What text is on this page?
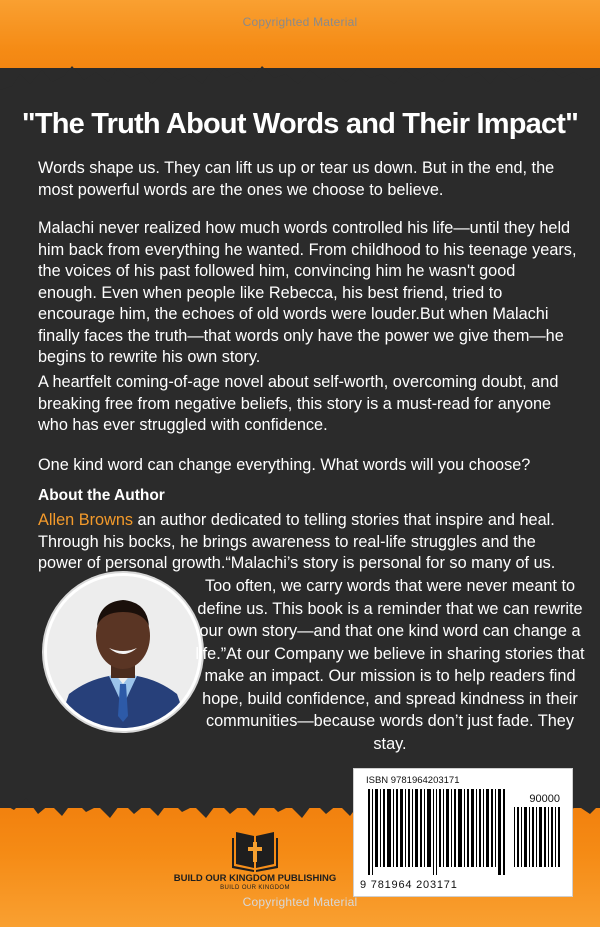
Copyrighted Material
"The Truth About Words and Their Impact"
Words shape us. They can lift us up or tear us down. But in the end, the most powerful words are the ones we choose to believe.
Malachi never realized how much words controlled his life—until they held him back from everything he wanted. From childhood to his teenage years, the voices of his past followed him, convincing him he wasn't good enough. Even when people like Rebecca, his best friend, tried to encourage him, the echoes of old words were louder.But when Malachi finally faces the truth—that words only have the power we give them—he begins to rewrite his own story.
A heartfelt coming-of-age novel about self-worth, overcoming doubt, and breaking free from negative beliefs, this story is a must-read for anyone who has ever struggled with confidence.
One kind word can change everything. What words will you choose?
About the Author
Allen Browns an author dedicated to telling stories that inspire and heal. Through his bocks, he brings awareness to real-life struggles and the power of personal growth.“Malachi’s story is personal for so many of us.
Too often, we carry words that were never meant to define us. This book is a reminder that we can rewrite our own story—and that one kind word can change a life.”At our Company we believe in sharing stories that make an impact. Our mission is to help readers find hope, build confidence, and spread kindness in their communities—because words don’t just fade. They stay.
ISBN 9781964203171
90000
9 781964 203171
BUILD OUR KINGDOM PUBLISHING
BUILD OUR KINGDOM
Copyrighted Material
